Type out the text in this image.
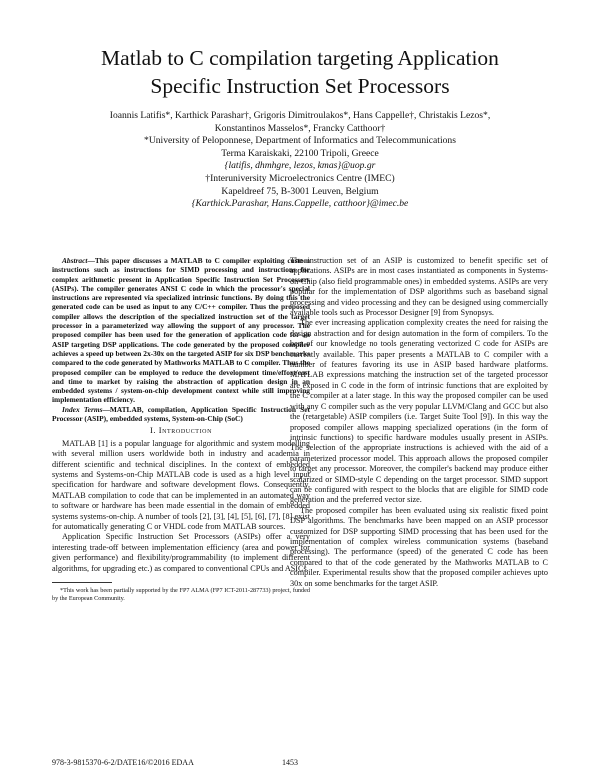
Matlab to C compilation targeting Application
Specific Instruction Set Processors
Ioannis Latifis*, Karthick Parashar†, Grigoris Dimitroulakos*, Hans Cappelle†, Christakis Lezos*,
Konstantinos Masselos*, Francky Catthoor†
*University of Peloponnese, Department of Informatics and Telecommunications
Terma Karaiskaki, 22100 Tripoli, Greece
{latifis, dhmhgre, lezos, kmas}@uop.gr
†Interuniversity Microelectronics Centre (IMEC)
Kapeldreef 75, B-3001 Leuven, Belgium
{Karthick.Parashar, Hans.Cappelle, catthoor}@imec.be

Abstract—This paper discusses a MATLAB to C compiler exploiting custom instructions such as instructions for SIMD processing and instructions for complex arithmetic present in Application Specific Instruction Set Processors (ASIPs). The compiler generates ANSI C code in which the processor's special instructions are represented via specialized intrinsic functions. By doing this the generated code can be used as input to any C/C++ compiler. Thus the proposed compiler allows the description of the specialized instruction set of the target processor in a parameterized way allowing the support of any processor. The proposed compiler has been used for the generation of application code for an ASIP targeting DSP applications. The code generated by the proposed compiler achieves a speed up between 2x-30x on the targeted ASIP for six DSP benchmarks compared to the code generated by Mathworks MATLAB to C compiler. Thus the proposed compiler can be employed to reduce the development time/effort/cost and time to market by raising the abstraction of application design in an embedded systems / system-on-chip development context while still improving implementation efficiency.

Index Terms—MATLAB, compilation, Application Specific Instruction Set Processor (ASIP), embedded systems, System-on-Chip (SoC)

I. Introduction

MATLAB [1] is a popular language for algorithmic and system modelling with several million users worldwide both in industry and academia in different scientific and technical disciplines. In the context of embedded systems and Systems-on-Chip MATLAB code is used as a high level input specification for hardware and software development flows. Consequently, MATLAB compilation to code that can be implemented in an automated way to software or hardware has been made essential in the domain of embedded systems systems-on-chip. A number of tools [2], [3], [4], [5], [6], [7], [8] exist for automatically generating C or VHDL code from MATLAB sources.

Application Specific Instruction Set Processors (ASIPs) offer a very interesting trade-off between implementation efficiency (area and power for given performance) and flexibility/programmability (to implement different algorithms, for upgrading etc.) as compared to conventional CPUs and ASICs.

*This work has been partially supported by the FP7 ALMA (FP7 ICT-2011-287733) project, funded by the European Community.

The instruction set of an ASIP is customized to benefit specific set of applications. ASIPs are in most cases instantiated as components in Systems-on-Chip (also field programmable ones) in embedded systems. ASIPs are very popular for the implementation of DSP algorithms such as baseband signal processing and video processing and they can be designed using commercially available tools such as Processor Designer [9] from Synopsys.

The ever increasing application complexity creates the need for raising the design abstraction and for design automation in the form of compilers. To the best of our knowledge no tools generating vectorized C code for ASIPs are currently available. This paper presents a MATLAB to C compiler with a number of features favoring its use in ASIP based hardware platforms. MATLAB expressions matching the instruction set of the targeted processor are exposed in C code in the form of intrinsic functions that are exploited by the C compiler at a later stage. In this way the proposed compiler can be used with any C compiler such as the very popular LLVM/Clang and GCC but also the (retargetable) ASIP compilers (i.e. Target Suite Tool [9]). In this way the proposed compiler allows mapping specialized operations (in the form of intrinsic functions) to specific hardware modules usually present in ASIPs. The selection of the appropriate instructions is achieved with the aid of a parameterized processor model. This approach allows the proposed compiler to target any processor. Moreover, the compiler's backend may produce either scalarized or SIMD-style C depending on the target processor. SIMD support can be configured with respect to the blocks that are eligible for SIMD code generation and the preferred vector size.

The proposed compiler has been evaluated using six realistic fixed point DSP algorithms. The benchmarks have been mapped on an ASIP processor customized for DSP supporting SIMD processing that has been used for the implementation of complex wireless communication systems (baseband processing). The performance (speed) of the generated C code has been compared to that of the code generated by the Mathworks MATLAB to C compiler. Experimental results show that the proposed compiler achieves upto 30x on some benchmarks for the target ASIP.

978-3-9815370-6-2/DATE16/©2016 EDAA	1453
